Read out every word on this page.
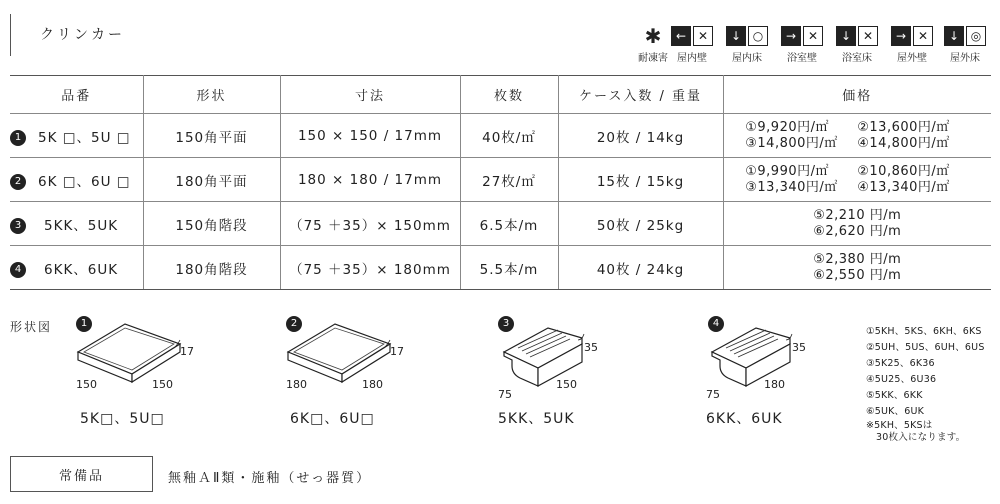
クリンカー	✱
耐凍害
← ✕
屋内壁
↓ ○
屋内床
→ ✕
浴室壁
↓ ✕
浴室床
→ ✕
屋外壁
↓ ◎
屋外床
品番	形状	寸法	枚数	ケース入数 / 重量	価格
1 5K □、5U □	150角平面	150 × 150 / 17mm	40枚/㎡	20枚 / 14kg	①9,920円/㎡ ②13,600円/㎡
③14,800円/㎡ ④14,800円/㎡

2 6K □、6U □	180角平面	180 × 180 / 17mm	27枚/㎡	15枚 / 15kg	①9,990円/㎡ ②10,860円/㎡
③13,340円/㎡ ④13,340円/㎡

3 5KK、5UK	150角階段	（75 ＋35）× 150mm	6.5本/m	50枚 / 25kg	⑤2,210 円/m
⑥2,620 円/m

4 6KK、6UK	180角階段	（75 ＋35）× 180mm	5.5本/m	40枚 / 24kg	⑤2,380 円/m
⑥2,550 円/m
形状図	1
17
150	150
5K□、5U□
2
17
180	180
6K□、6U□
3
35
75
150
5KK、5UK
4
35
75
180
6KK、6UK
①5KH、5KS、6KH、6KS
②5UH、5US、6UH、6US
③5K25、6K36
④5U25、6U36
⑤5KK、6KK
⑥5UK、6UK
※5KH、5KSは
30枚入になります。
常備品	無釉ＡⅡ類・施釉（せっ器質）
